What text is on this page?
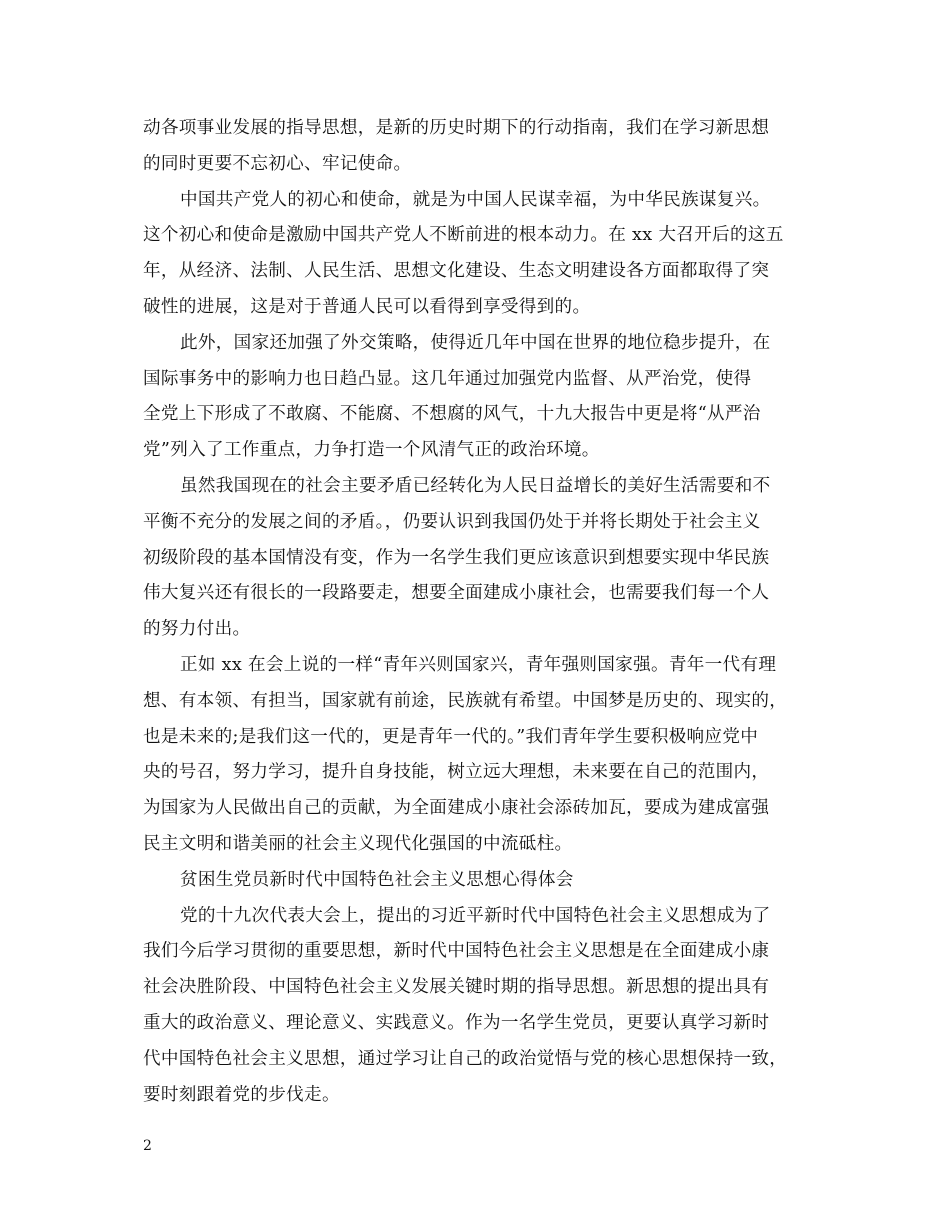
动各项事业发展的指导思想，是新的历史时期下的行动指南，我们在学习新思想
的同时更要不忘初心、牢记使命。
中国共产党人的初心和使命，就是为中国人民谋幸福，为中华民族谋复兴。
这个初心和使命是激励中国共产党人不断前进的根本动力。在 xx 大召开后的这五
年，从经济、法制、人民生活、思想文化建设、生态文明建设各方面都取得了突
破性的进展，这是对于普通人民可以看得到享受得到的。
此外，国家还加强了外交策略，使得近几年中国在世界的地位稳步提升，在
国际事务中的影响力也日趋凸显。这几年通过加强党内监督、从严治党，使得
全党上下形成了不敢腐、不能腐、不想腐的风气，十九大报告中更是将“从严治
党”列入了工作重点，力争打造一个风清气正的政治环境。
虽然我国现在的社会主要矛盾已经转化为人民日益增长的美好生活需要和不
平衡不充分的发展之间的矛盾。，仍要认识到我国仍处于并将长期处于社会主义
初级阶段的基本国情没有变，作为一名学生我们更应该意识到想要实现中华民族
伟大复兴还有很长的一段路要走，想要全面建成小康社会，也需要我们每一个人
的努力付出。
正如 xx 在会上说的一样“青年兴则国家兴，青年强则国家强。青年一代有理
想、有本领、有担当，国家就有前途，民族就有希望。中国梦是历史的、现实的，
也是未来的;是我们这一代的，更是青年一代的。”我们青年学生要积极响应党中
央的号召，努力学习，提升自身技能，树立远大理想，未来要在自己的范围内，
为国家为人民做出自己的贡献，为全面建成小康社会添砖加瓦，要成为建成富强
民主文明和谐美丽的社会主义现代化强国的中流砥柱。
贫困生党员新时代中国特色社会主义思想心得体会
党的十九次代表大会上，提出的习近平新时代中国特色社会主义思想成为了
我们今后学习贯彻的重要思想，新时代中国特色社会主义思想是在全面建成小康
社会决胜阶段、中国特色社会主义发展关键时期的指导思想。新思想的提出具有
重大的政治意义、理论意义、实践意义。作为一名学生党员，更要认真学习新时
代中国特色社会主义思想，通过学习让自己的政治觉悟与党的核心思想保持一致，
要时刻跟着党的步伐走。
2
